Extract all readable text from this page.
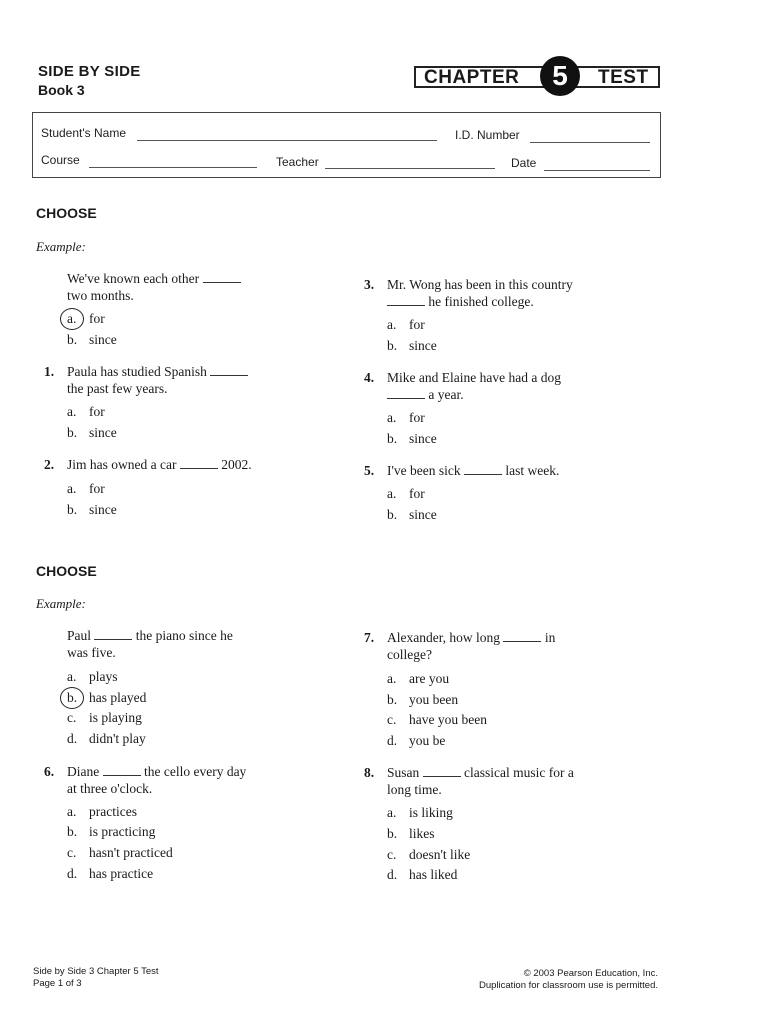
SIDE BY SIDE
Book 3
CHAPTER	5	TEST
Student's Name	I.D. Number
Course	Teacher	Date
CHOOSE
Example:
We've known each other
two months.
a. for
b. since
1. Paula has studied Spanish
the past few years.
a. for
b. since
2. Jim has owned a car	2002.
a. for
b. since
3. Mr. Wong has been in this country
he finished college.
a. for
b. since
4. Mike and Elaine have had a dog
a year.
a. for
b. since
5. I've been sick	last week.
a. for
b. since
CHOOSE
Example:
Paul	the piano since he
was five.
a. plays
b. has played
c. is playing
d. didn't play
6. Diane	the cello every day
at three o'clock.
a. practices
b. is practicing
c. hasn't practiced
d. has practice
7. Alexander, how long	in
college?
a. are you
b. you been
c. have you been
d. you be
8. Susan	classical music for a
long time.
a. is liking
b. likes
c. doesn't like
d. has liked
Side by Side 3 Chapter 5 Test
Page 1 of 3
© 2003 Pearson Education, Inc.
Duplication for classroom use is permitted.
